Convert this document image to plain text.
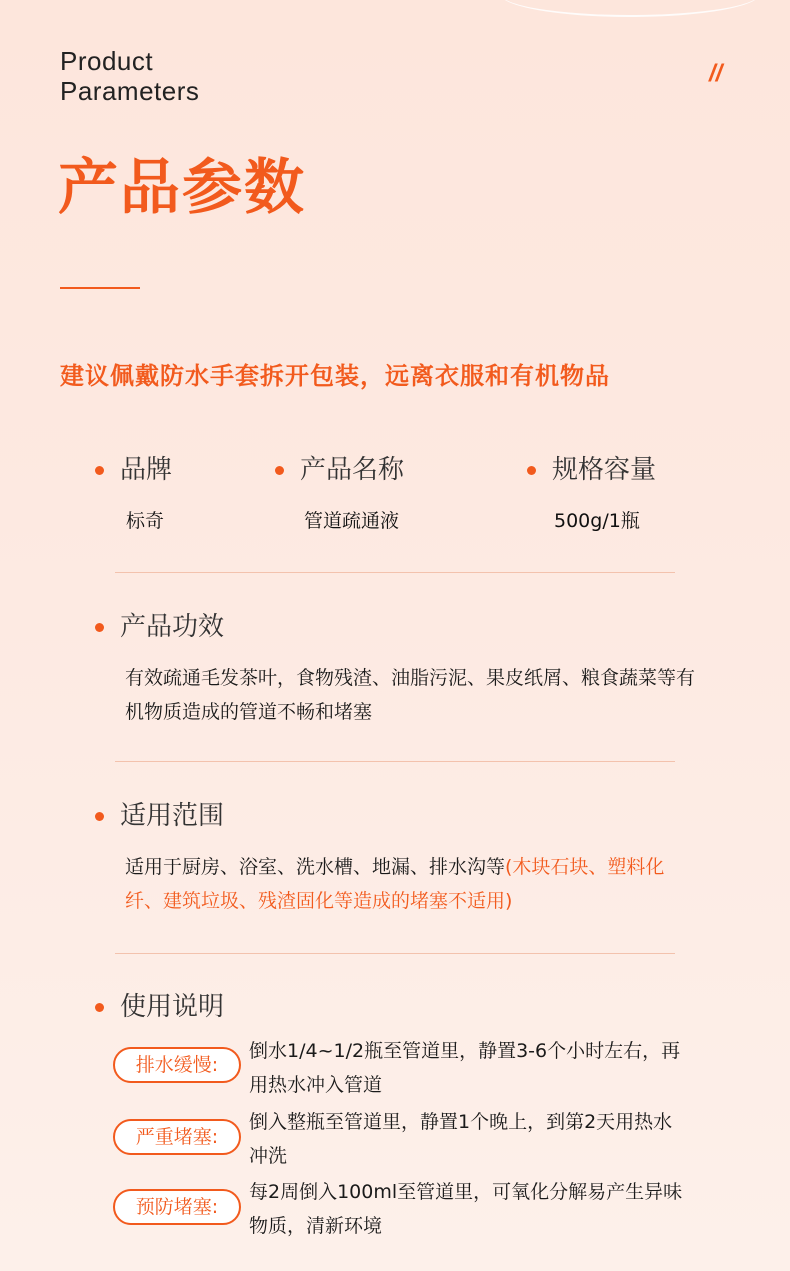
Product
Parameters
//
产品参数
建议佩戴防水手套拆开包装，远离衣服和有机物品
品牌
标奇
产品名称
管道疏通液
规格容量
500g/1瓶
产品功效
有效疏通毛发茶叶，食物残渣、油脂污泥、果皮纸屑、粮食蔬菜等有机物质造成的管道不畅和堵塞
适用范围
适用于厨房、浴室、洗水槽、地漏、排水沟等(木块石块、塑料化纤、建筑垃圾、残渣固化等造成的堵塞不适用)
使用说明
排水缓慢:
倒水1/4~1/2瓶至管道里，静置3-6个小时左右，再用热水冲入管道
严重堵塞:
倒入整瓶至管道里，静置1个晚上，到第2天用热水冲洗
预防堵塞:
每2周倒入100ml至管道里，可氧化分解易产生异味物质，清新环境
